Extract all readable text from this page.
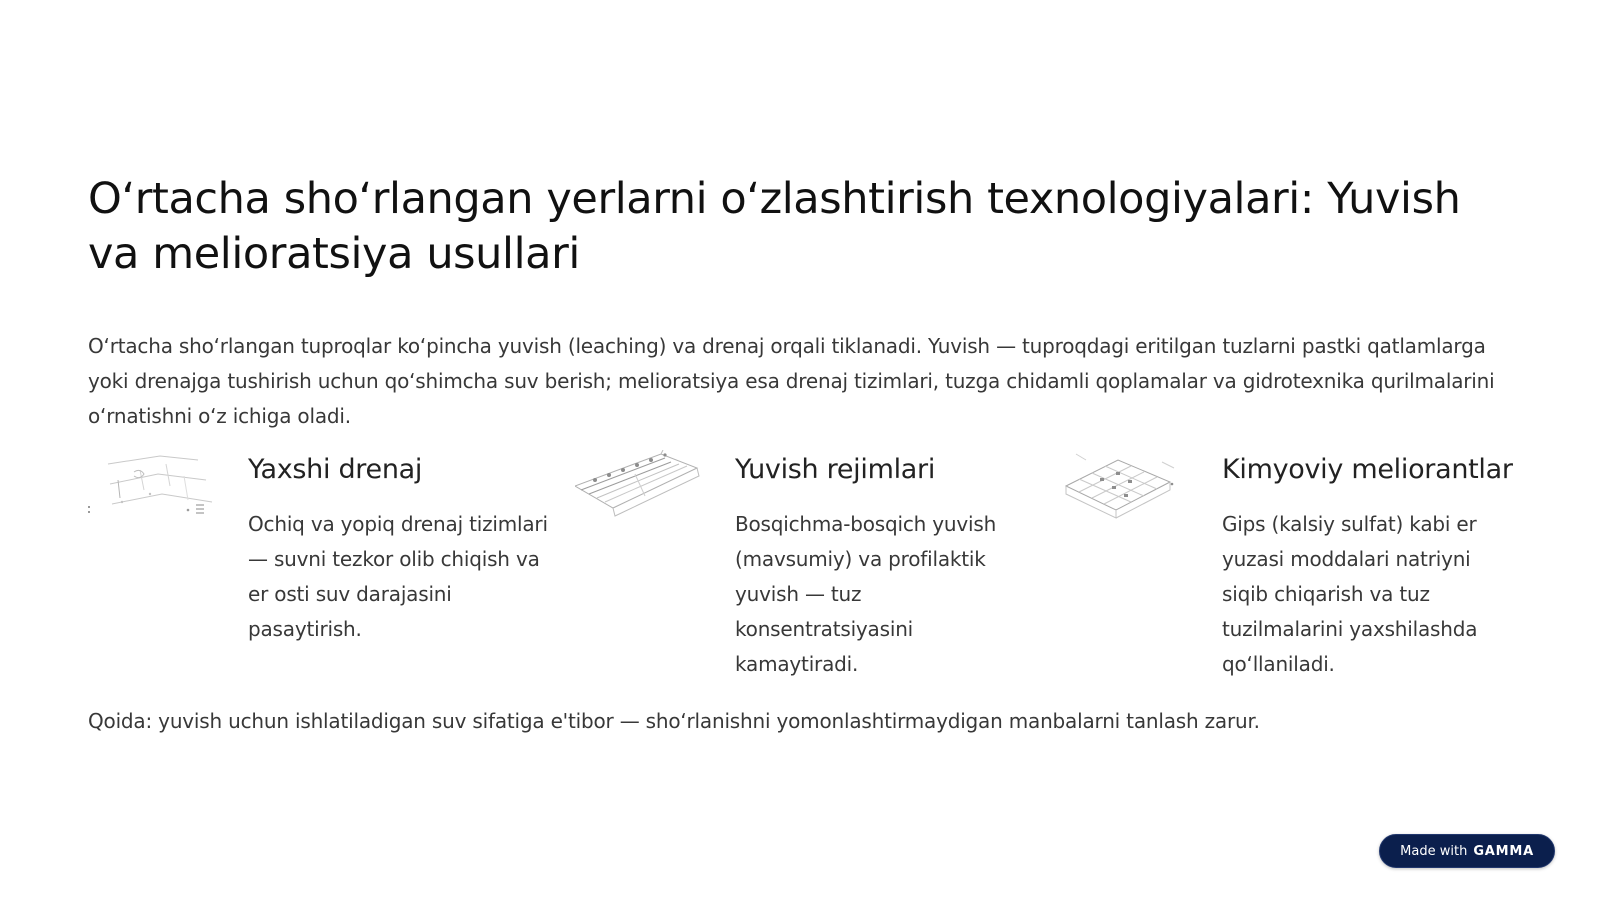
O‘rtacha sho‘rlangan yerlarni o‘zlashtirish texnologiyalari: Yuvish va melioratsiya usullari

O‘rtacha sho‘rlangan tuproqlar ko‘pincha yuvish (leaching) va drenaj orqali tiklanadi. Yuvish — tuproqdagi eritilgan tuzlarni pastki qatlamlarga yoki drenajga tushirish uchun qo‘shimcha suv berish; melioratsiya esa drenaj tizimlari, tuzga chidamli qoplamalar va gidrotexnika qurilmalarini o‘rnatishni o‘z ichiga oladi.

Yaxshi drenaj

Ochiq va yopiq drenaj tizimlari — suvni tezkor olib chiqish va er osti suv darajasini pasaytirish.

Yuvish rejimlari

Bosqichma-bosqich yuvish (mavsumiy) va profilaktik yuvish — tuz konsentratsiyasini kamaytiradi.

Kimyoviy meliorantlar

Gips (kalsiy sulfat) kabi er yuzasi moddalari natriyni siqib chiqarish va tuz tuzilmalarini yaxshilashda qo‘llaniladi.

Qoida: yuvish uchun ishlatiladigan suv sifatiga e'tibor — sho‘rlanishni yomonlashtirmaydigan manbalarni tanlash zarur.

Made with GAMMA
